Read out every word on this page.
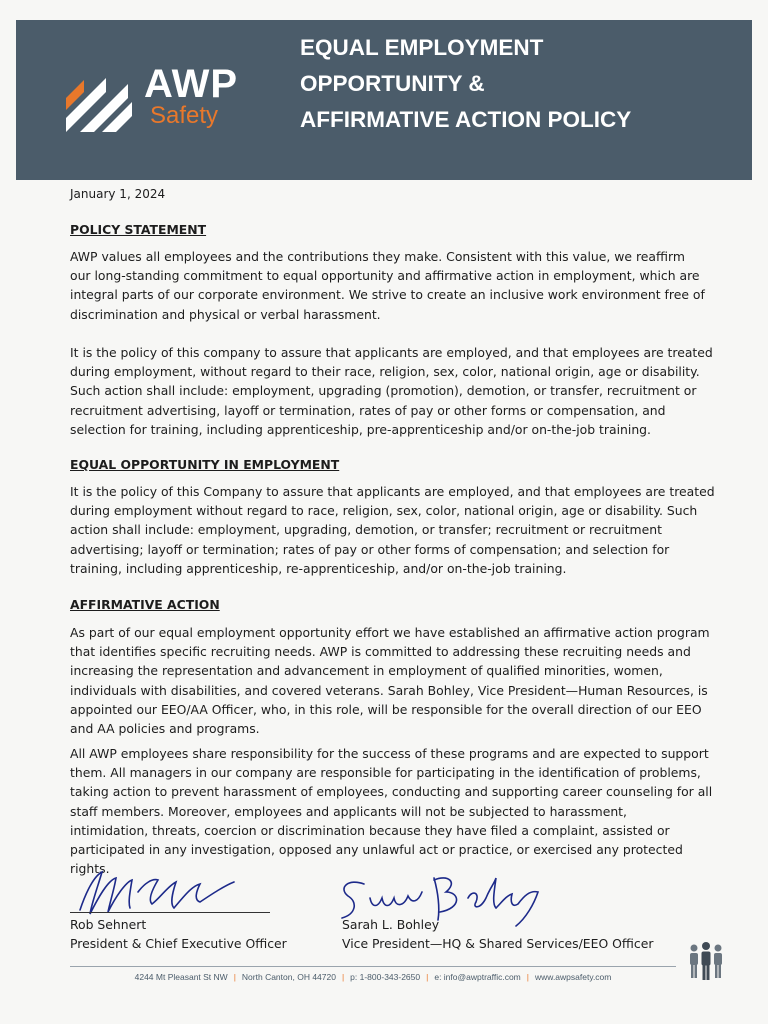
AWP
Safety
EQUAL EMPLOYMENT
OPPORTUNITY &
AFFIRMATIVE ACTION POLICY
January 1, 2024
POLICY STATEMENT
AWP values all employees and the contributions they make. Consistent with this value, we reaffirm
our long-standing commitment to equal opportunity and affirmative action in employment, which are
integral parts of our corporate environment. We strive to create an inclusive work environment free of
discrimination and physical or verbal harassment.
It is the policy of this company to assure that applicants are employed, and that employees are treated
during employment, without regard to their race, religion, sex, color, national origin, age or disability.
Such action shall include: employment, upgrading (promotion), demotion, or transfer, recruitment or
recruitment advertising, layoff or termination, rates of pay or other forms or compensation, and
selection for training, including apprenticeship, pre-apprenticeship and/or on-the-job training.
EQUAL OPPORTUNITY IN EMPLOYMENT
It is the policy of this Company to assure that applicants are employed, and that employees are treated
during employment without regard to race, religion, sex, color, national origin, age or disability. Such
action shall include: employment, upgrading, demotion, or transfer; recruitment or recruitment
advertising; layoff or termination; rates of pay or other forms of compensation; and selection for
training, including apprenticeship, re-apprenticeship, and/or on-the-job training.
AFFIRMATIVE ACTION
As part of our equal employment opportunity effort we have established an affirmative action program
that identifies specific recruiting needs. AWP is committed to addressing these recruiting needs and
increasing the representation and advancement in employment of qualified minorities, women,
individuals with disabilities, and covered veterans. Sarah Bohley, Vice President—Human Resources, is
appointed our EEO/AA Officer, who, in this role, will be responsible for the overall direction of our EEO
and AA policies and programs.
All AWP employees share responsibility for the success of these programs and are expected to support
them. All managers in our company are responsible for participating in the identification of problems,
taking action to prevent harassment of employees, conducting and supporting career counseling for all
staff members. Moreover, employees and applicants will not be subjected to harassment,
intimidation, threats, coercion or discrimination because they have filed a complaint, assisted or
participated in any investigation, opposed any unlawful act or practice, or exercised any protected
rights.
Rob Sehnert
President & Chief Executive Officer
Sarah L. Bohley
Vice President—HQ & Shared Services/EEO Officer
4244 Mt Pleasant St NW | North Canton, OH 44720 | p: 1-800-343-2650 | e: info@awptraffic.com | www.awpsafety.com
